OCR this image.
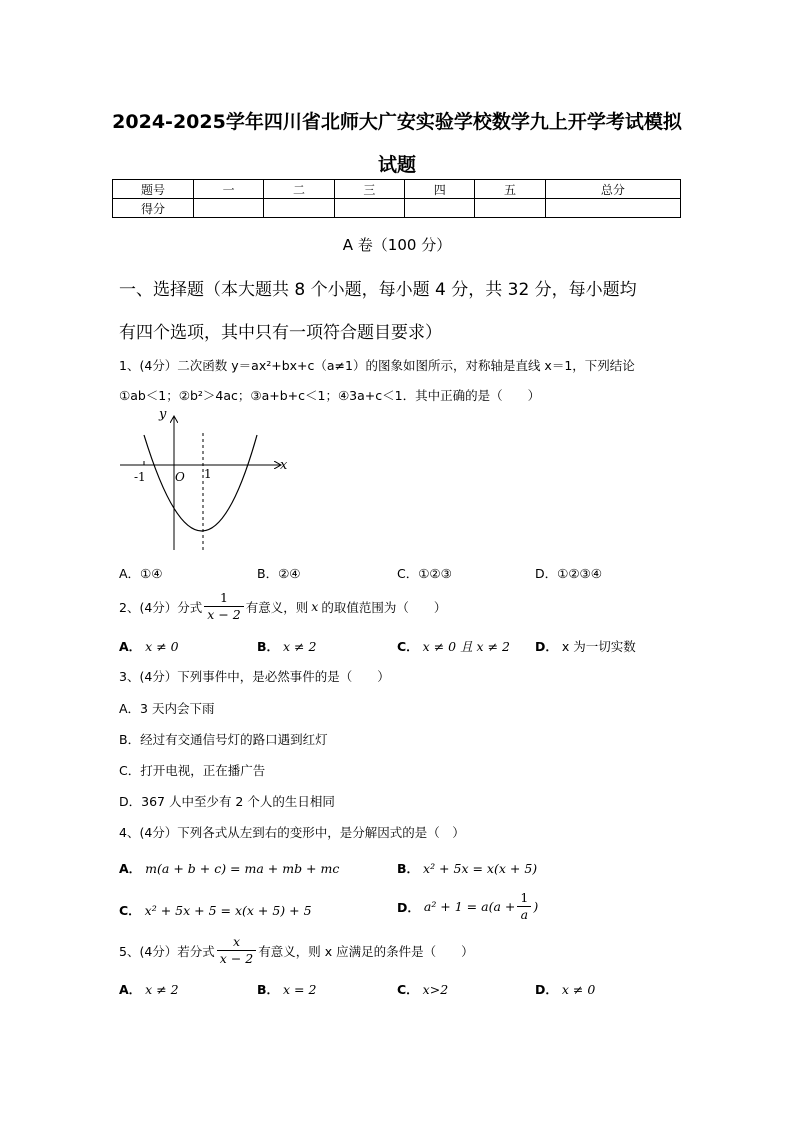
2024-2025学年四川省北师大广安实验学校数学九上开学考试模拟
试题
题号	一	二	三	四	五	总分
得分						
A 卷（100 分）
一、选择题（本大题共 8 个小题，每小题 4 分，共 32 分，每小题均
有四个选项，其中只有一项符合题目要求）
1、(4分）二次函数 y＝ax²+bx+c（a≠1）的图象如图所示，对称轴是直线 x＝1，下列结论
①ab＜1；②b²＞4ac；③a+b+c＜1；④3a+c＜1．其中正确的是（　　）
y
x
O
-1	1
A．①④	B．②④	C．①②③	D．①②③④
2、(4分）分式 $\frac{1}{x - 2}$ 有意义，则 x 的取值范围为（　　）
A． x ≠ 0	B． x ≠ 2	C． x ≠ 0 且 x ≠ 2 D． x 为一切实数
3、(4分）下列事件中，是必然事件的是（　　）
A．3 天内会下雨
B．经过有交通信号灯的路口遇到红灯
C．打开电视，正在播广告
D．367 人中至少有 2 个人的生日相同
4、(4分）下列各式从左到右的变形中，是分解因式的是（　）
A． m(a + b + c) = ma + mb + mc	B． x² + 5x = x(x + 5)
C． x² + 5x + 5 = x(x + 5) + 5	D．
$a^2 + 1 = a(a + \frac{1}{a}$ )
5、(4分）若分式 $\frac{x}{x - 2}$ 有意义，则 x 应满足的条件是（　　）
A． x ≠ 2	B． x = 2	C． x>2	D． x ≠ 0
